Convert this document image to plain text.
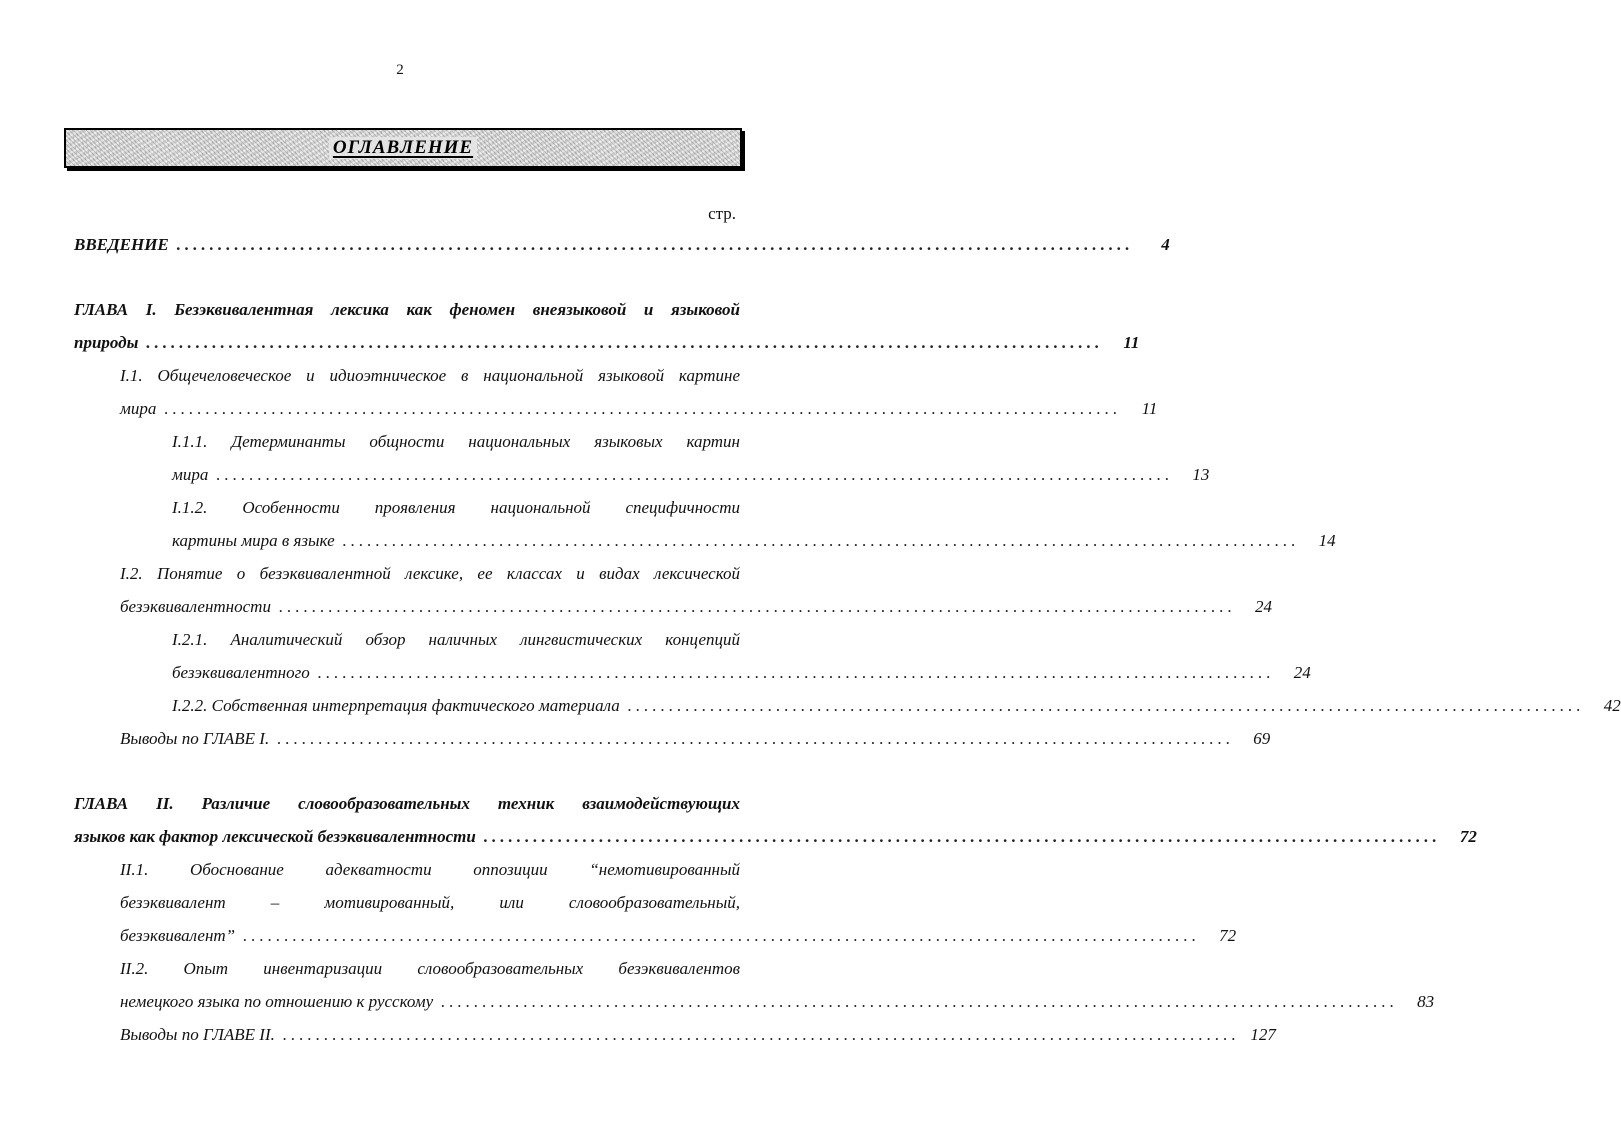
2
ОГЛАВЛЕНИЕ
стр.
ВВЕДЕНИЕ ....................................................................................................................	4
ГЛАВА I. Безэквивалентная лексика как феномен внеязыковой и языковой
природы ....................................................................................................................	11
I.1. Общечеловеческое и идиоэтническое в национальной языковой картине
мира ....................................................................................................................	11
I.1.1. Детерминанты общности национальных языковых картин
мира ....................................................................................................................	13
I.1.2. Особенности проявления национальной специфичности
картины мира в языке ....................................................................................................................	14
I.2. Понятие о безэквивалентной лексике, ее классах и видах лексической
безэквивалентности ....................................................................................................................	24
I.2.1. Аналитический обзор наличных лингвистических концепций
безэквивалентного ....................................................................................................................	24
I.2.2. Собственная интерпретация фактического материала ....................................................................................................................	42
Выводы по ГЛАВЕ I. ....................................................................................................................	69
ГЛАВА II. Различие словообразовательных техник взаимодействующих
языков как фактор лексической безэквивалентности ....................................................................................................................	72
II.1. Обоснование адекватности оппозиции “немотивированный
безэквивалент – мотивированный, или словообразовательный,
безэквивалент” ....................................................................................................................	72
II.2. Опыт инвентаризации словообразовательных безэквивалентов
немецкого языка по отношению к русскому ....................................................................................................................	83
Выводы по ГЛАВЕ II. .................................................................................................................... 127
